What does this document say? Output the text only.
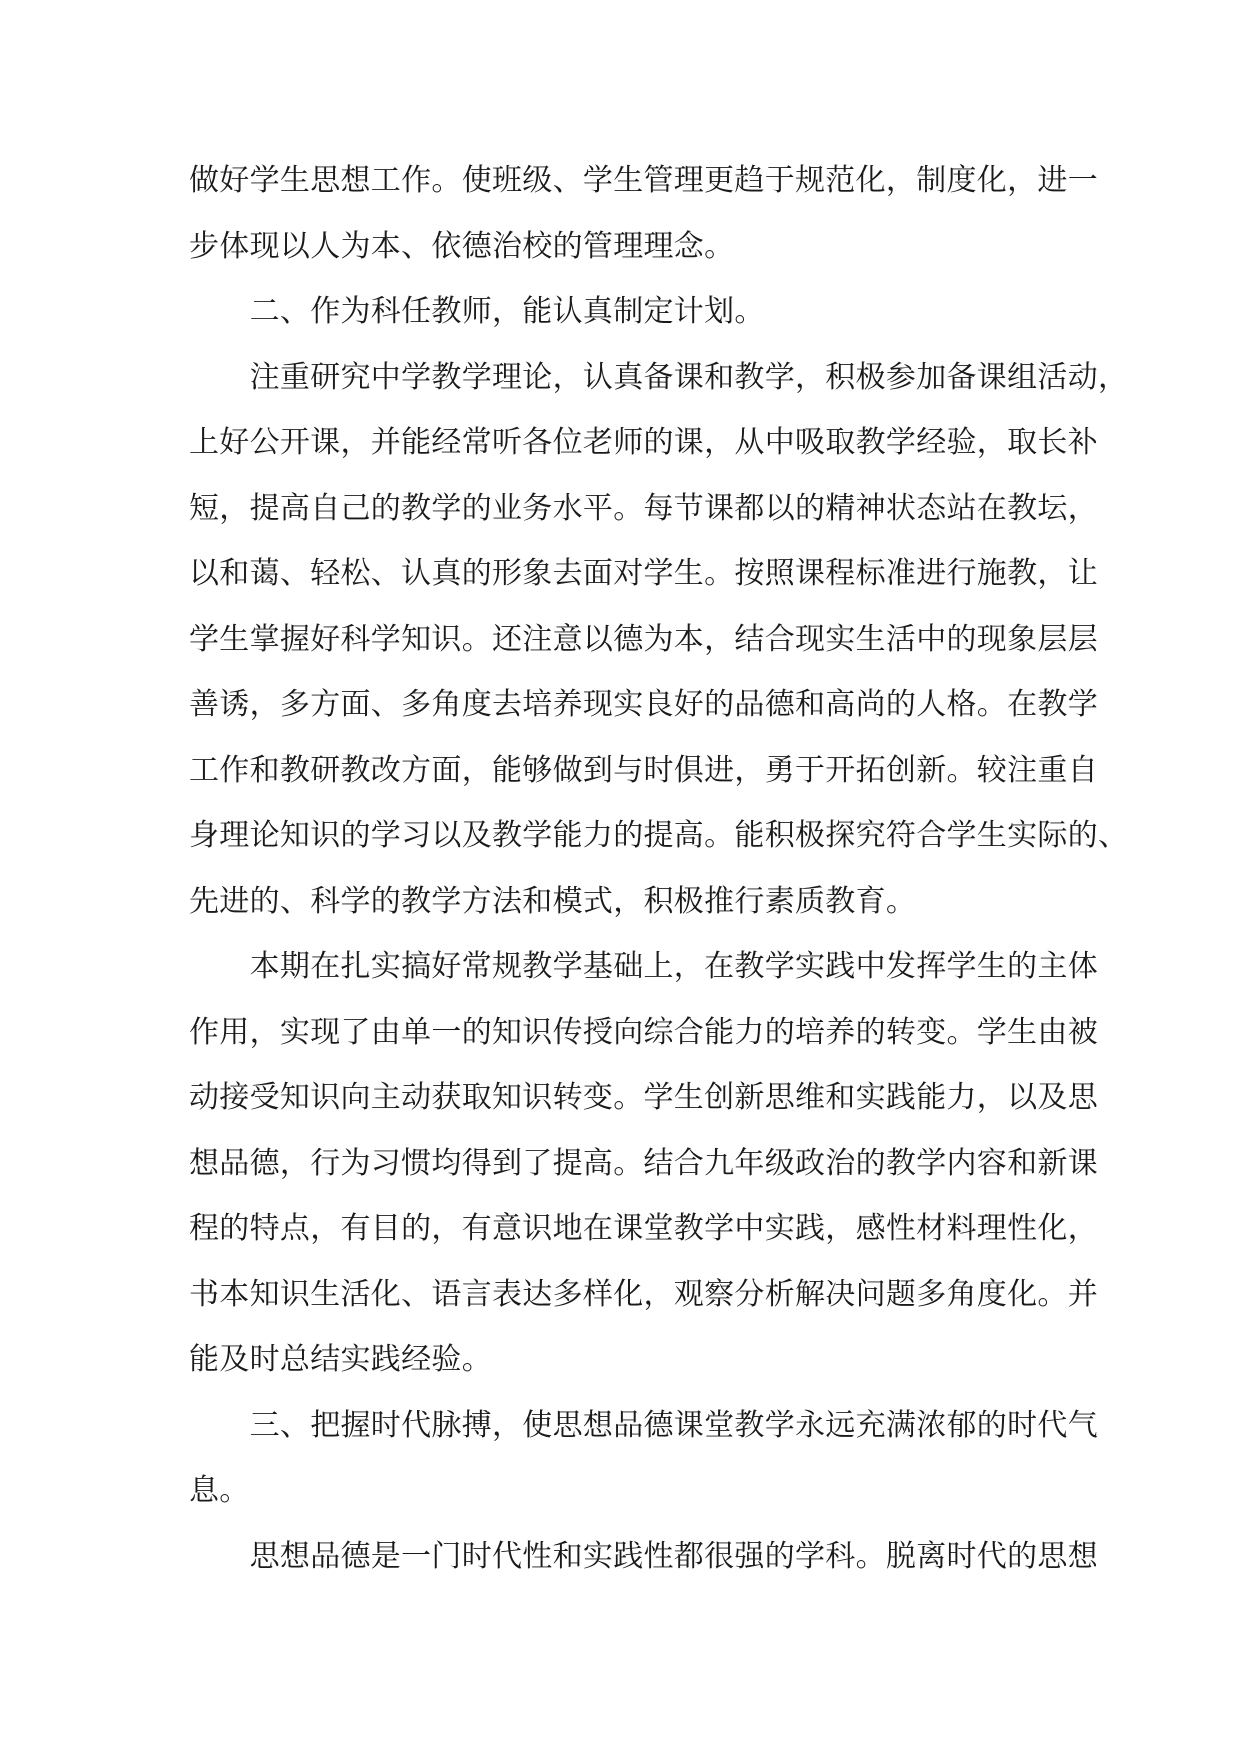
做好学生思想工作。使班级、学生管理更趋于规范化，制度化，进一
步体现以人为本、依德治校的管理理念。
　　二、作为科任教师，能认真制定计划。
　　注重研究中学教学理论，认真备课和教学，积极参加备课组活动，
上好公开课，并能经常听各位老师的课，从中吸取教学经验，取长补
短，提高自己的教学的业务水平。每节课都以的精神状态站在教坛，
以和蔼、轻松、认真的形象去面对学生。按照课程标准进行施教，让
学生掌握好科学知识。还注意以德为本，结合现实生活中的现象层层
善诱，多方面、多角度去培养现实良好的品德和高尚的人格。在教学
工作和教研教改方面，能够做到与时俱进，勇于开拓创新。较注重自
身理论知识的学习以及教学能力的提高。能积极探究符合学生实际的、
先进的、科学的教学方法和模式，积极推行素质教育。
　　本期在扎实搞好常规教学基础上，在教学实践中发挥学生的主体
作用，实现了由单一的知识传授向综合能力的培养的转变。学生由被
动接受知识向主动获取知识转变。学生创新思维和实践能力，以及思
想品德，行为习惯均得到了提高。结合九年级政治的教学内容和新课
程的特点，有目的，有意识地在课堂教学中实践，感性材料理性化，
书本知识生活化、语言表达多样化，观察分析解决问题多角度化。并
能及时总结实践经验。
　　三、把握时代脉搏，使思想品德课堂教学永远充满浓郁的时代气
息。
　　思想品德是一门时代性和实践性都很强的学科。脱离时代的思想
